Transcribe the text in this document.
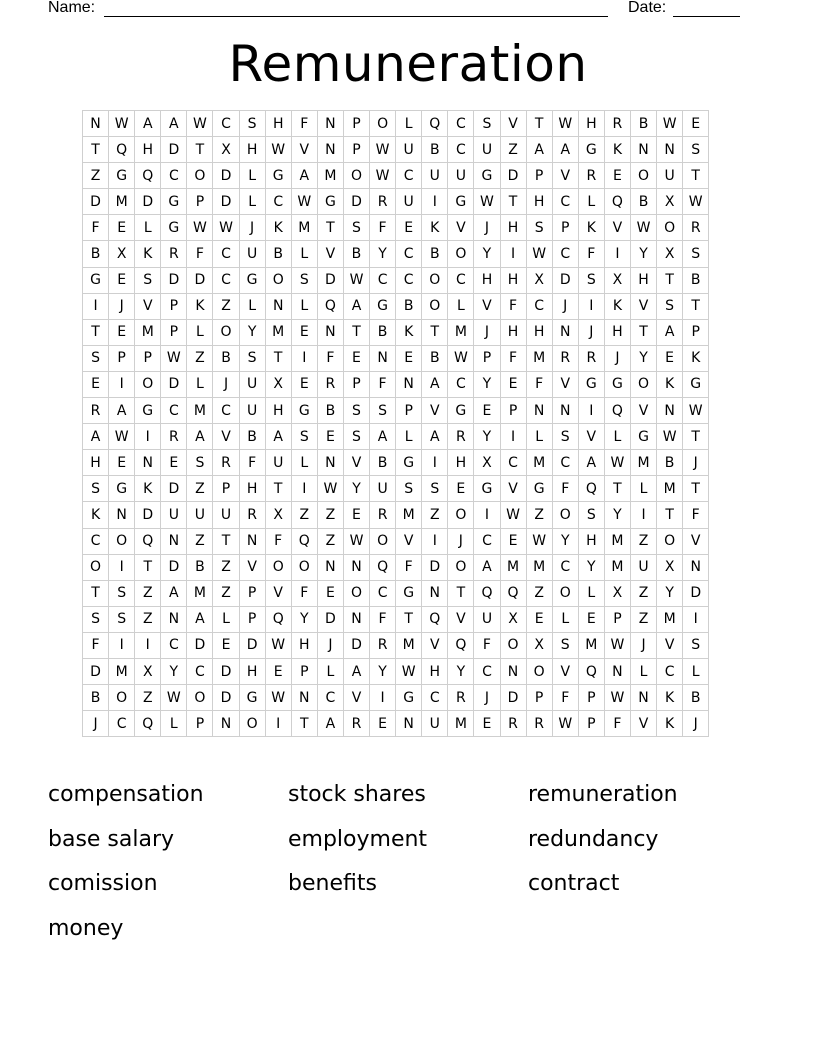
Name:	Date:
Remuneration
N	W	A	A	W	C	S	H	F	N	P	O	L	Q	C	S	V	T	W	H	R	B	W	E
T	Q	H	D	T	X	H	W	V	N	P	W	U	B	C	U	Z	A	A	G	K	N	N	S
Z	G	Q	C	O	D	L	G	A	M	O	W	C	U	U	G	D	P	V	R	E	O	U	T
D	M	D	G	P	D	L	C	W	G	D	R	U	I	G	W	T	H	C	L	Q	B	X	W
F	E	L	G	W	W	J	K	M	T	S	F	E	K	V	J	H	S	P	K	V	W	O	R
B	X	K	R	F	C	U	B	L	V	B	Y	C	B	O	Y	I	W	C	F	I	Y	X	S
G	E	S	D	D	C	G	O	S	D	W	C	C	O	C	H	H	X	D	S	X	H	T	B
I	J	V	P	K	Z	L	N	L	Q	A	G	B	O	L	V	F	C	J	I	K	V	S	T
T	E	M	P	L	O	Y	M	E	N	T	B	K	T	M	J	H	H	N	J	H	T	A	P
S	P	P	W	Z	B	S	T	I	F	E	N	E	B	W	P	F	M	R	R	J	Y	E	K
E	I	O	D	L	J	U	X	E	R	P	F	N	A	C	Y	E	F	V	G	G	O	K	G
R	A	G	C	M	C	U	H	G	B	S	S	P	V	G	E	P	N	N	I	Q	V	N	W
A	W	I	R	A	V	B	A	S	E	S	A	L	A	R	Y	I	L	S	V	L	G	W	T
H	E	N	E	S	R	F	U	L	N	V	B	G	I	H	X	C	M	C	A	W	M	B	J
S	G	K	D	Z	P	H	T	I	W	Y	U	S	S	E	G	V	G	F	Q	T	L	M	T
K	N	D	U	U	U	R	X	Z	Z	E	R	M	Z	O	I	W	Z	O	S	Y	I	T	F
C	O	Q	N	Z	T	N	F	Q	Z	W	O	V	I	J	C	E	W	Y	H	M	Z	O	V
O	I	T	D	B	Z	V	O	O	N	N	Q	F	D	O	A	M	M	C	Y	M	U	X	N
T	S	Z	A	M	Z	P	V	F	E	O	C	G	N	T	Q	Q	Z	O	L	X	Z	Y	D
S	S	Z	N	A	L	P	Q	Y	D	N	F	T	Q	V	U	X	E	L	E	P	Z	M	I
F	I	I	C	D	E	D	W	H	J	D	R	M	V	Q	F	O	X	S	M	W	J	V	S
D	M	X	Y	C	D	H	E	P	L	A	Y	W	H	Y	C	N	O	V	Q	N	L	C	L
B	O	Z	W	O	D	G	W	N	C	V	I	G	C	R	J	D	P	F	P	W	N	K	B
J	C	Q	L	P	N	O	I	T	A	R	E	N	U	M	E	R	R	W	P	F	V	K	J
compensation	stock shares	remuneration
base salary	employment	redundancy
comission	benefits	contract
money
